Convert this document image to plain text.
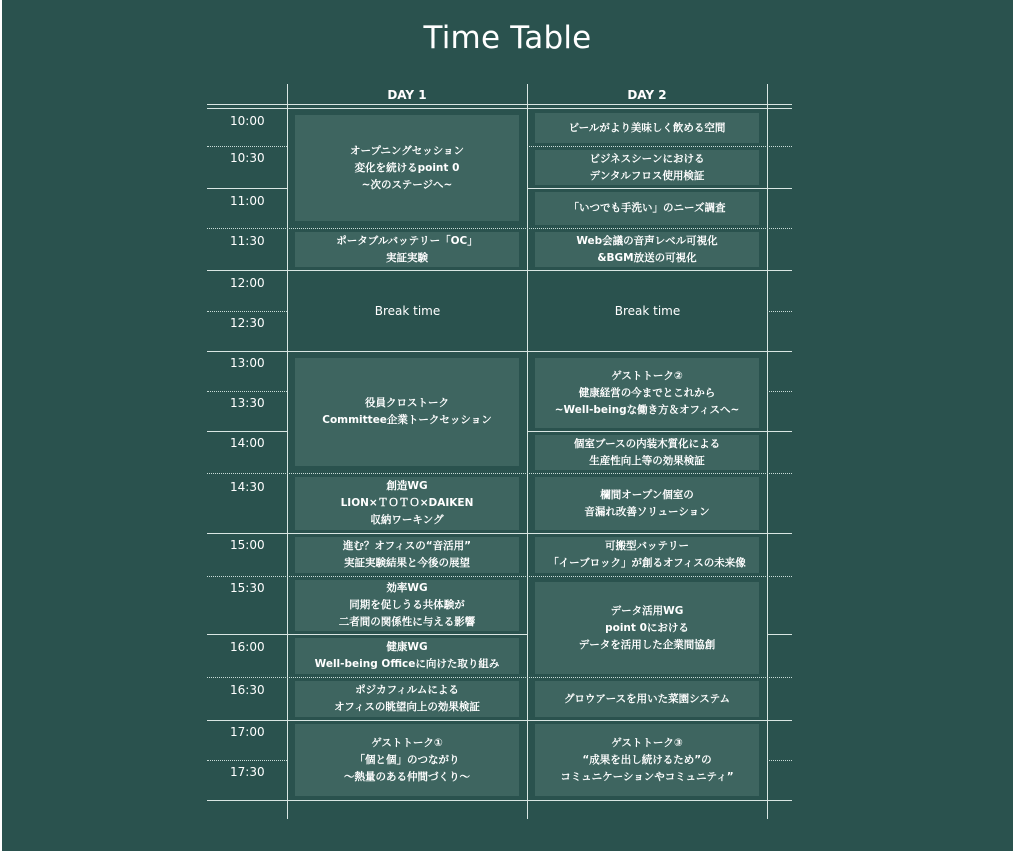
Time Table
DAY 1	DAY 2
10:00
10:30
11:00
11:30
12:00
12:30
13:00
13:30
14:00
14:30
15:00
15:30
16:00
16:30
17:00
17:30
オープニングセッション
変化を続けるpoint 0
~次のステージへ~
ポータブルバッテリー「OC」
実証実験
Break time
役員クロストーク
Committee企業トークセッション
創造WG
LION×ＴＯＴＯ×DAIKEN
収納ワーキング
進む？オフィスの“音活用”
実証実験結果と今後の展望
効率WG
同期を促しうる共体験が
二者間の関係性に与える影響
健康WG
Well-being Officeに向けた取り組み
ポジカフィルムによる
オフィスの眺望向上の効果検証
ゲストトーク①
「個と個」のつながり
～熱量のある仲間づくり～
ビールがより美味しく飲める空間
ビジネスシーンにおける
デンタルフロス使用検証
「いつでも手洗い」のニーズ調査
Web会議の音声レベル可視化
&BGM放送の可視化
Break time
ゲストトーク②
健康経営の今までとこれから
~Well-beingな働き方＆オフィスへ~
個室ブースの内装木質化による
生産性向上等の効果検証
欄間オープン個室の
音漏れ改善ソリューション
可搬型バッテリー
「イーブロック」が創るオフィスの未来像
データ活用WG
point 0における
データを活用した企業間協創
グロウアースを用いた菜園システム
ゲストトーク③
“成果を出し続けるため”の
コミュニケーションやコミュニティ”
